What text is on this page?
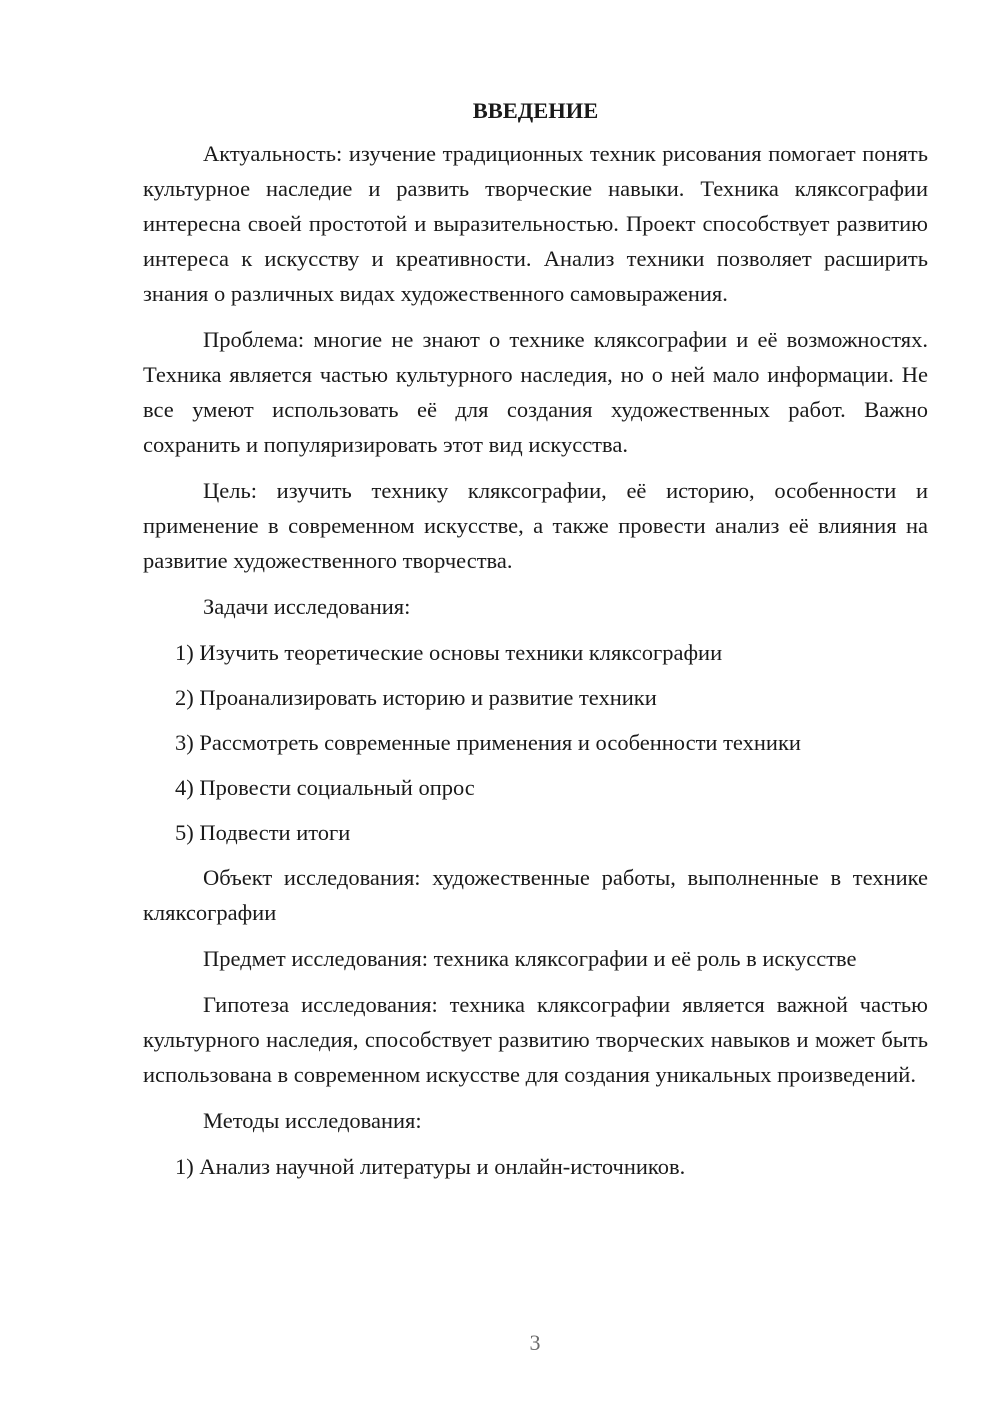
ВВЕДЕНИЕ

Актуальность: изучение традиционных техник рисования помогает понять культурное наследие и развить творческие навыки. Техника кляксографии интересна своей простотой и выразительностью. Проект способствует развитию интереса к искусству и креативности. Анализ техники позволяет расширить знания о различных видах художественного самовыражения.

Проблема: многие не знают о технике кляксографии и её возможностях. Техника является частью культурного наследия, но о ней мало информации. Не все умеют использовать её для создания художественных работ. Важно сохранить и популяризировать этот вид искусства.

Цель: изучить технику кляксографии, её историю, особенности и применение в современном искусстве, а также провести анализ её влияния на развитие художественного творчества.

Задачи исследования:

1) Изучить теоретические основы техники кляксографии

2) Проанализировать историю и развитие техники

3) Рассмотреть современные применения и особенности техники

4) Провести социальный опрос

5) Подвести итоги

Объект исследования: художественные работы, выполненные в технике кляксографии

Предмет исследования: техника кляксографии и её роль в искусстве

Гипотеза исследования: техника кляксографии является важной частью культурного наследия, способствует развитию творческих навыков и может быть использована в современном искусстве для создания уникальных произведений.

Методы исследования:

1) Анализ научной литературы и онлайн-источников.

3
